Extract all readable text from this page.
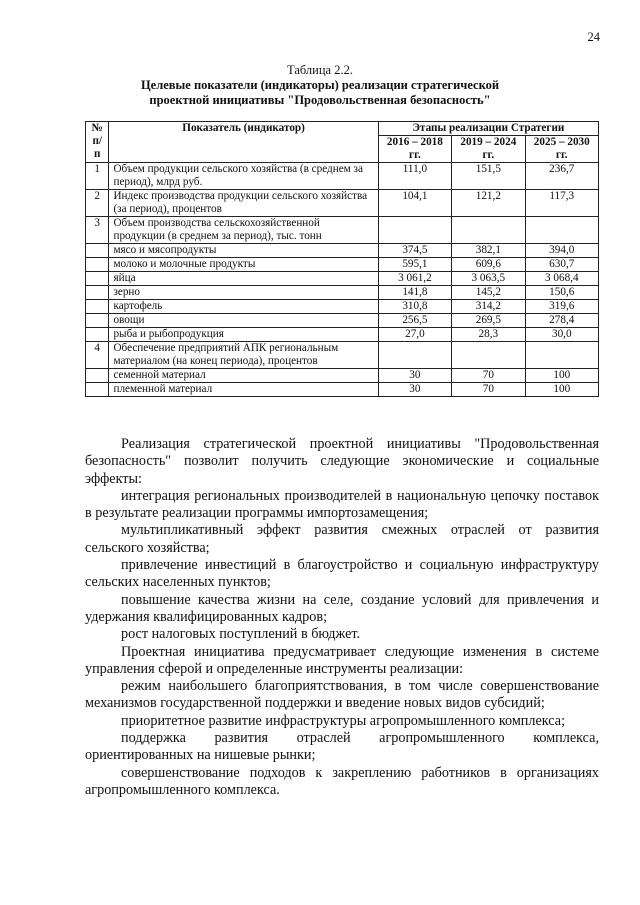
24
Таблица 2.2.
Целевые показатели (индикаторы) реализации стратегической
проектной инициативы "Продовольственная безопасность"
№ п/п	Показатель (индикатор)	Этапы реализации Стратегии		
		2016 – 2018 гг.	2019 – 2024 гг.	2025 – 2030 гг.
1	Объем продукции сельского хозяйства (в среднем за период), млрд руб.	111,0	151,5	236,7
2	Индекс производства продукции сельского хозяйства (за период), процентов	104,1	121,2	117,3
3	Объем производства сельскохозяйственной продукции (в среднем за период), тыс. тонн			
	мясо и мясопродукты	374,5	382,1	394,0
	молоко и молочные продукты	595,1	609,6	630,7
	яйца	3 061,2	3 063,5	3 068,4
	зерно	141,8	145,2	150,6
	картофель	310,8	314,2	319,6
	овощи	256,5	269,5	278,4
	рыба и рыбопродукция	27,0	28,3	30,0
4	Обеспечение предприятий АПК региональным материалом (на конец периода), процентов			
	семенной материал	30	70	100
	племенной материал	30	70	100

Реализация стратегической проектной инициативы "Продовольственная безопасность" позволит получить следующие экономические и социальные эффекты:

интеграция региональных производителей в национальную цепочку поставок в результате реализации программы импортозамещения;

мультипликативный эффект развития смежных отраслей от развития сельского хозяйства;

привлечение инвестиций в благоустройство и социальную инфраструктуру сельских населенных пунктов;

повышение качества жизни на селе, создание условий для привлечения и удержания квалифицированных кадров;

рост налоговых поступлений в бюджет.

Проектная инициатива предусматривает следующие изменения в системе управления сферой и определенные инструменты реализации:

режим наибольшего благоприятствования, в том числе совершенствование механизмов государственной поддержки и введение новых видов субсидий;

приоритетное развитие инфраструктуры агропромышленного комплекса;

поддержка развития отраслей агропромышленного комплекса, ориентированных на нишевые рынки;

совершенствование подходов к закреплению работников в организациях агропромышленного комплекса.
